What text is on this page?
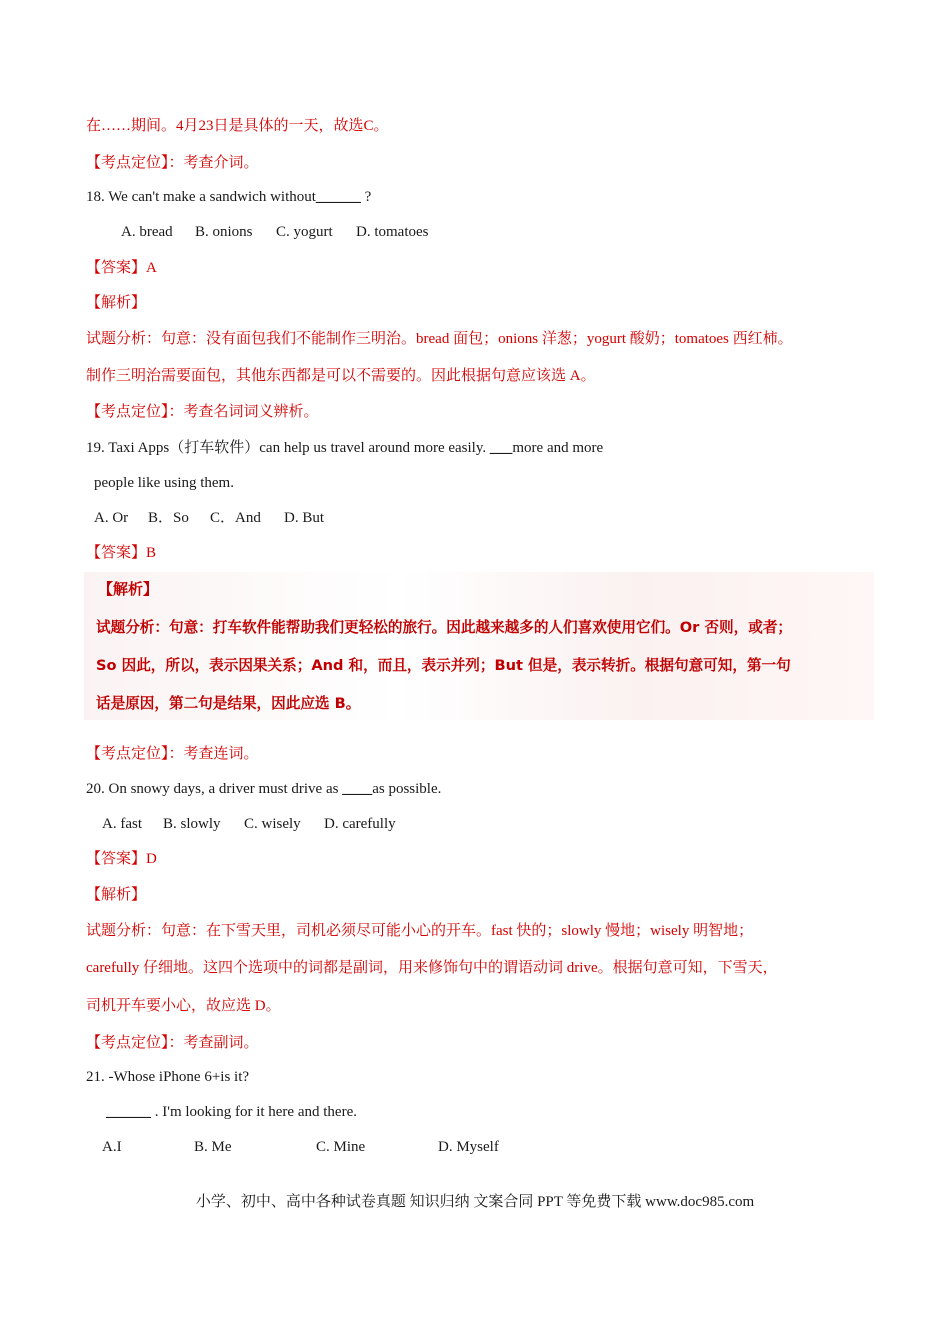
在……期间。4月23日是具体的一天，故选C。
【考点定位】：考查介词。
18. We can't make a sandwich without______ ?
A. bread B. onions C. yogurt D. tomatoes
【答案】A
【解析】
试题分析：句意：没有面包我们不能制作三明治。bread 面包；onions 洋葱；yogurt 酸奶；tomatoes 西红柿。
制作三明治需要面包，其他东西都是可以不需要的。因此根据句意应该选 A。
【考点定位】：考查名词词义辨析。
19. Taxi Apps（打车软件）can help us travel around more easily. ___more and more
people like using them.
A. Or B．So C．And D. But
【答案】B
【解析】
试题分析：句意：打车软件能帮助我们更轻松的旅行。因此越来越多的人们喜欢使用它们。Or 否则，或者；
So 因此，所以，表示因果关系；And 和，而且，表示并列；But 但是，表示转折。根据句意可知，第一句
话是原因，第二句是结果，因此应选 B。
【考点定位】：考查连词。
20. On snowy days, a driver must drive as ____as possible.
A. fast B. slowly C. wisely D. carefully
【答案】D
【解析】
试题分析：句意：在下雪天里，司机必须尽可能小心的开车。fast 快的；slowly 慢地；wisely 明智地；
carefully 仔细地。这四个选项中的词都是副词，用来修饰句中的谓语动词 drive。根据句意可知，下雪天，
司机开车要小心，故应选 D。
【考点定位】：考查副词。
21. -Whose iPhone 6+is it?
______ . I'm looking for it here and there.
A.I	B. Me	C. Mine	D. Myself
小学、初中、高中各种试卷真题 知识归纳 文案合同 PPT 等免费下载 www.doc985.com
